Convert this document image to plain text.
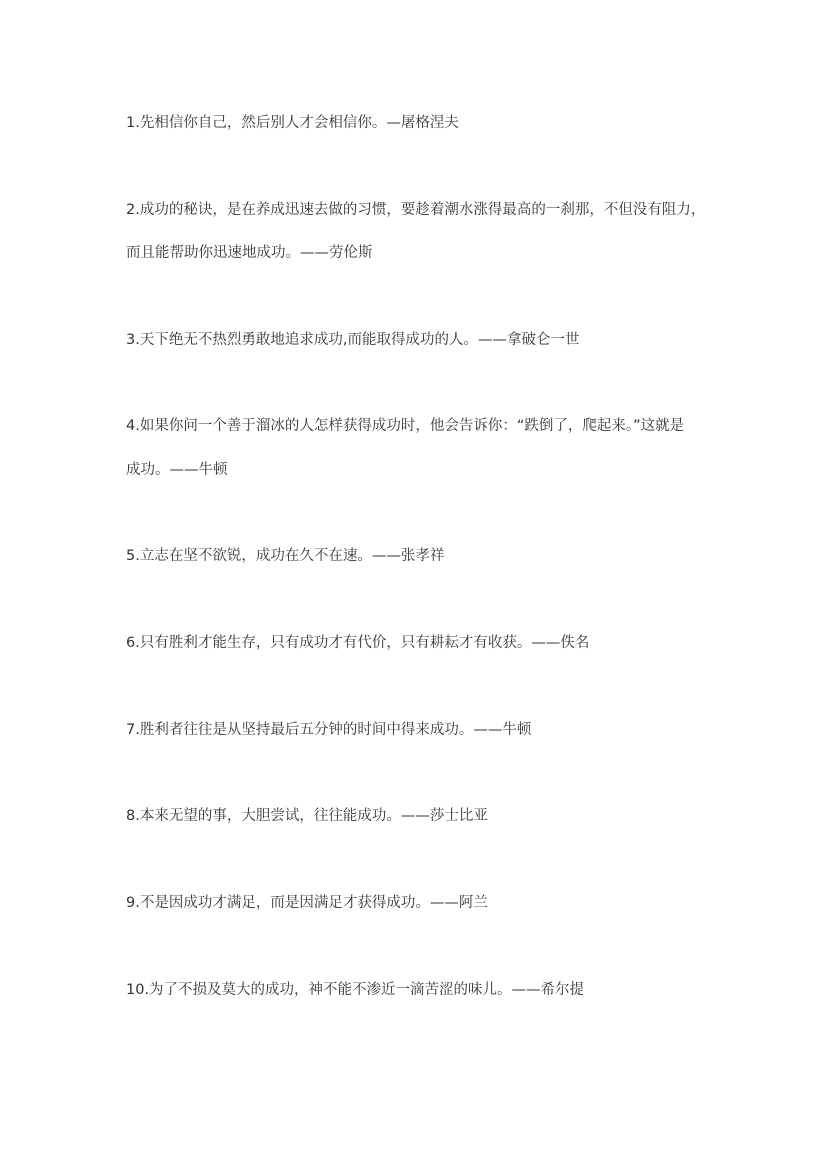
1.先相信你自己，然后别人才会相信你。—屠格涅夫
2.成功的秘诀，是在养成迅速去做的习惯，要趁着潮水涨得最高的一刹那，不但没有阻力，
而且能帮助你迅速地成功。——劳伦斯
3.天下绝无不热烈勇敢地追求成功,而能取得成功的人。——拿破仑一世
4.如果你问一个善于溜冰的人怎样获得成功时，他会告诉你：“跌倒了，爬起来。”这就是
成功。——牛顿
5.立志在坚不欲锐，成功在久不在速。——张孝祥
6.只有胜利才能生存，只有成功才有代价，只有耕耘才有收获。——佚名
7.胜利者往往是从坚持最后五分钟的时间中得来成功。——牛顿
8.本来无望的事，大胆尝试，往往能成功。——莎士比亚
9.不是因成功才满足，而是因满足才获得成功。——阿兰
10.为了不损及莫大的成功，神不能不渗近一滴苦涩的味儿。——希尔提
